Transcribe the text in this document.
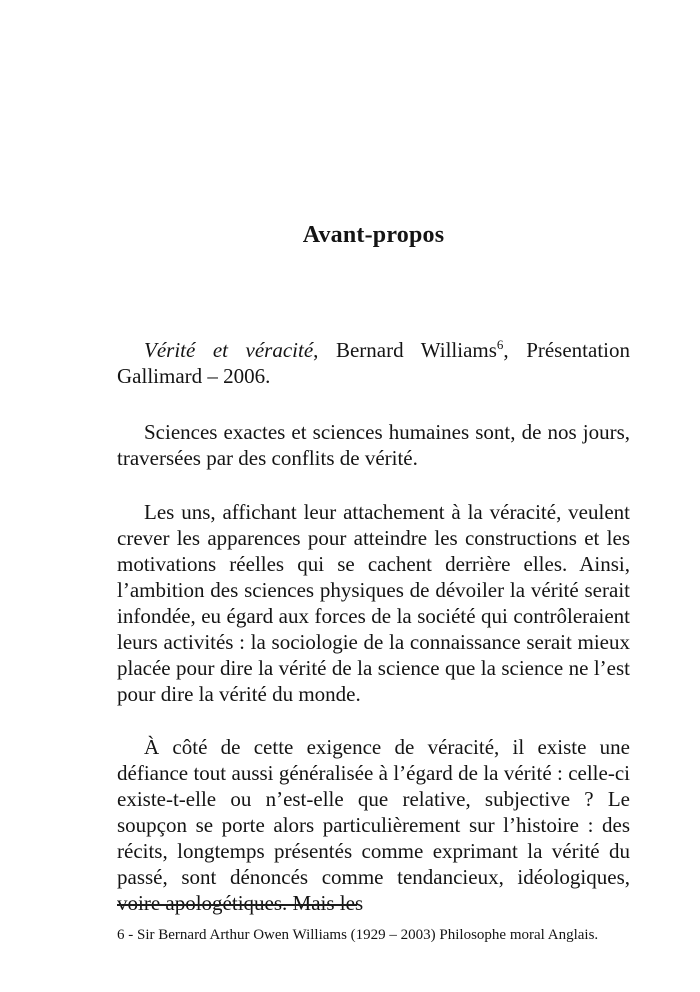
Avant-propos

Vérité et véracité, Bernard Williams$^6$, Présentation Gallimard – 2006.

Sciences exactes et sciences humaines sont, de nos jours, traversées par des conflits de vérité.

Les uns, affichant leur attachement à la véracité, veulent crever les apparences pour atteindre les constructions et les motivations réelles qui se cachent derrière elles. Ainsi, l’ambition des sciences physiques de dévoiler la vérité serait infondée, eu égard aux forces de la société qui contrôleraient leurs activités : la sociologie de la connaissance serait mieux placée pour dire la vérité de la science que la science ne l’est pour dire la vérité du monde.

À côté de cette exigence de véracité, il existe une défiance tout aussi généralisée à l’égard de la vérité : celle-ci existe-t-elle ou n’est-elle que relative, subjective ? Le soupçon se porte alors particulièrement sur l’histoire : des récits, longtemps présentés comme exprimant la vérité du passé, sont dénoncés comme tendancieux, idéologiques, voire apologétiques. Mais les

6 - Sir Bernard Arthur Owen Williams (1929 – 2003) Philosophe moral Anglais.
